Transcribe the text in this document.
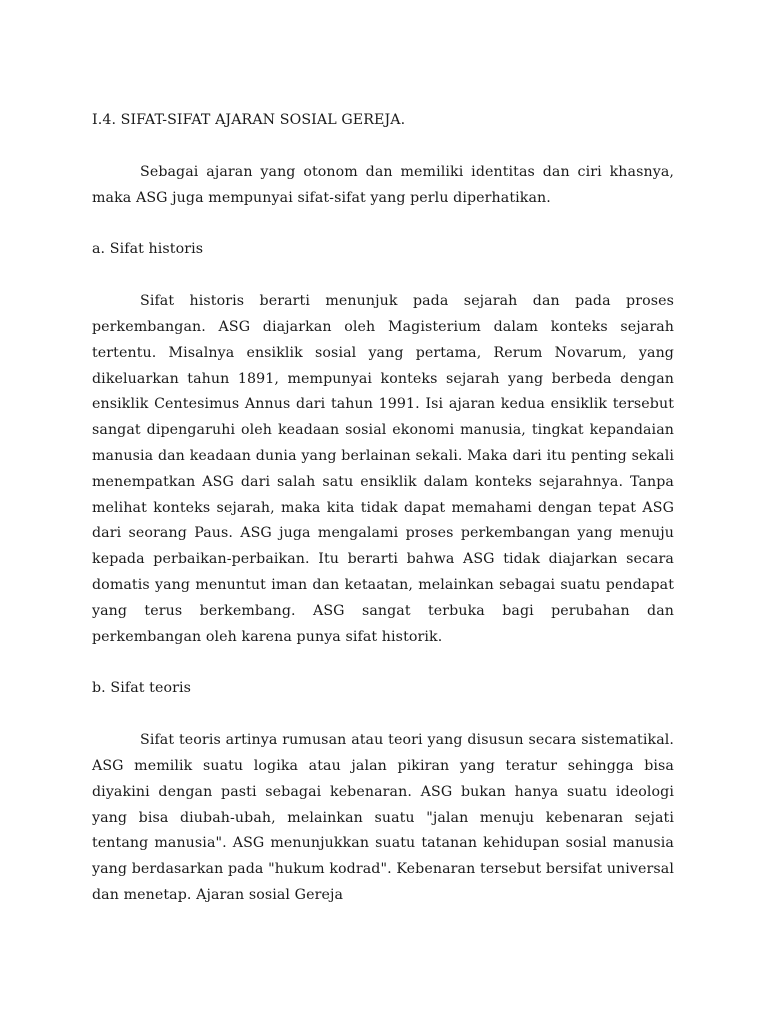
I.4. SIFAT-SIFAT AJARAN SOSIAL GEREJA.

Sebagai ajaran yang otonom dan memiliki identitas dan ciri khasnya, maka ASG juga mempunyai sifat-sifat yang perlu diperhatikan.

a. Sifat historis

Sifat historis berarti menunjuk pada sejarah dan pada proses perkembangan. ASG diajarkan oleh Magisterium dalam konteks sejarah tertentu. Misalnya ensiklik sosial yang pertama, Rerum Novarum, yang dikeluarkan tahun 1891, mempunyai konteks sejarah yang berbeda dengan ensiklik Centesimus Annus dari tahun 1991. Isi ajaran kedua ensiklik tersebut sangat dipengaruhi oleh keadaan sosial ekonomi manusia, tingkat kepandaian manusia dan keadaan dunia yang berlainan sekali. Maka dari itu penting sekali menempatkan ASG dari salah satu ensiklik dalam konteks sejarahnya. Tanpa melihat konteks sejarah, maka kita tidak dapat memahami dengan tepat ASG dari seorang Paus. ASG juga mengalami proses perkembangan yang menuju kepada perbaikan-perbaikan. Itu berarti bahwa ASG tidak diajarkan secara domatis yang menuntut iman dan ketaatan, melainkan sebagai suatu pendapat yang terus berkembang. ASG sangat terbuka bagi perubahan dan perkembangan oleh karena punya sifat historik.

b. Sifat teoris

Sifat teoris artinya rumusan atau teori yang disusun secara sistematikal. ASG memilik suatu logika atau jalan pikiran yang teratur sehingga bisa diyakini dengan pasti sebagai kebenaran. ASG bukan hanya suatu ideologi yang bisa diubah-ubah, melainkan suatu "jalan menuju kebenaran sejati tentang manusia". ASG menunjukkan suatu tatanan kehidupan sosial manusia yang berdasarkan pada "hukum kodrad". Kebenaran tersebut bersifat universal dan menetap. Ajaran sosial Gereja
